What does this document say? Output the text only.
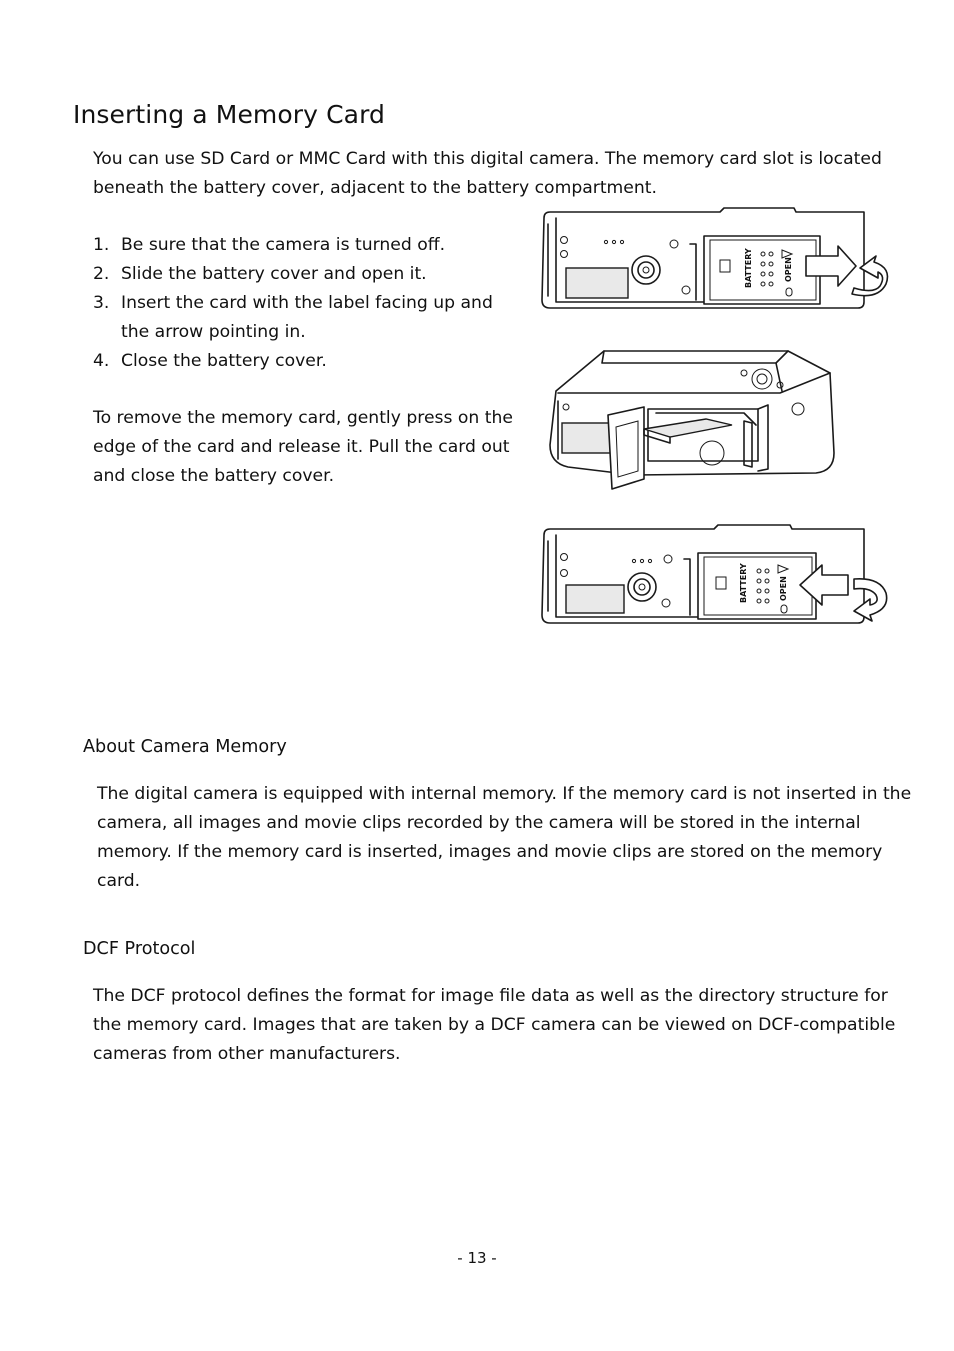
Inserting a Memory Card

You can use SD Card or MMC Card with this digital camera. The memory card slot is located beneath the battery cover, adjacent to the battery compartment.

1. Be sure that the camera is turned off.
2. Slide the battery cover and open it.
3. Insert the card with the label facing up and the arrow pointing in.
4. Close the battery cover.

To remove the memory card, gently press on the edge of the card and release it. Pull the card out and close the battery cover.

BATTERY	OPEN
BATTERY	OPEN
About Camera Memory

The digital camera is equipped with internal memory. If the memory card is not inserted in the camera, all images and movie clips recorded by the camera will be stored in the internal memory. If the memory card is inserted, images and movie clips are stored on the memory card.

DCF Protocol

The DCF protocol defines the format for image file data as well as the directory structure for the memory card. Images that are taken by a DCF camera can be viewed on DCF-compatible cameras from other manufacturers.

- 13 -
